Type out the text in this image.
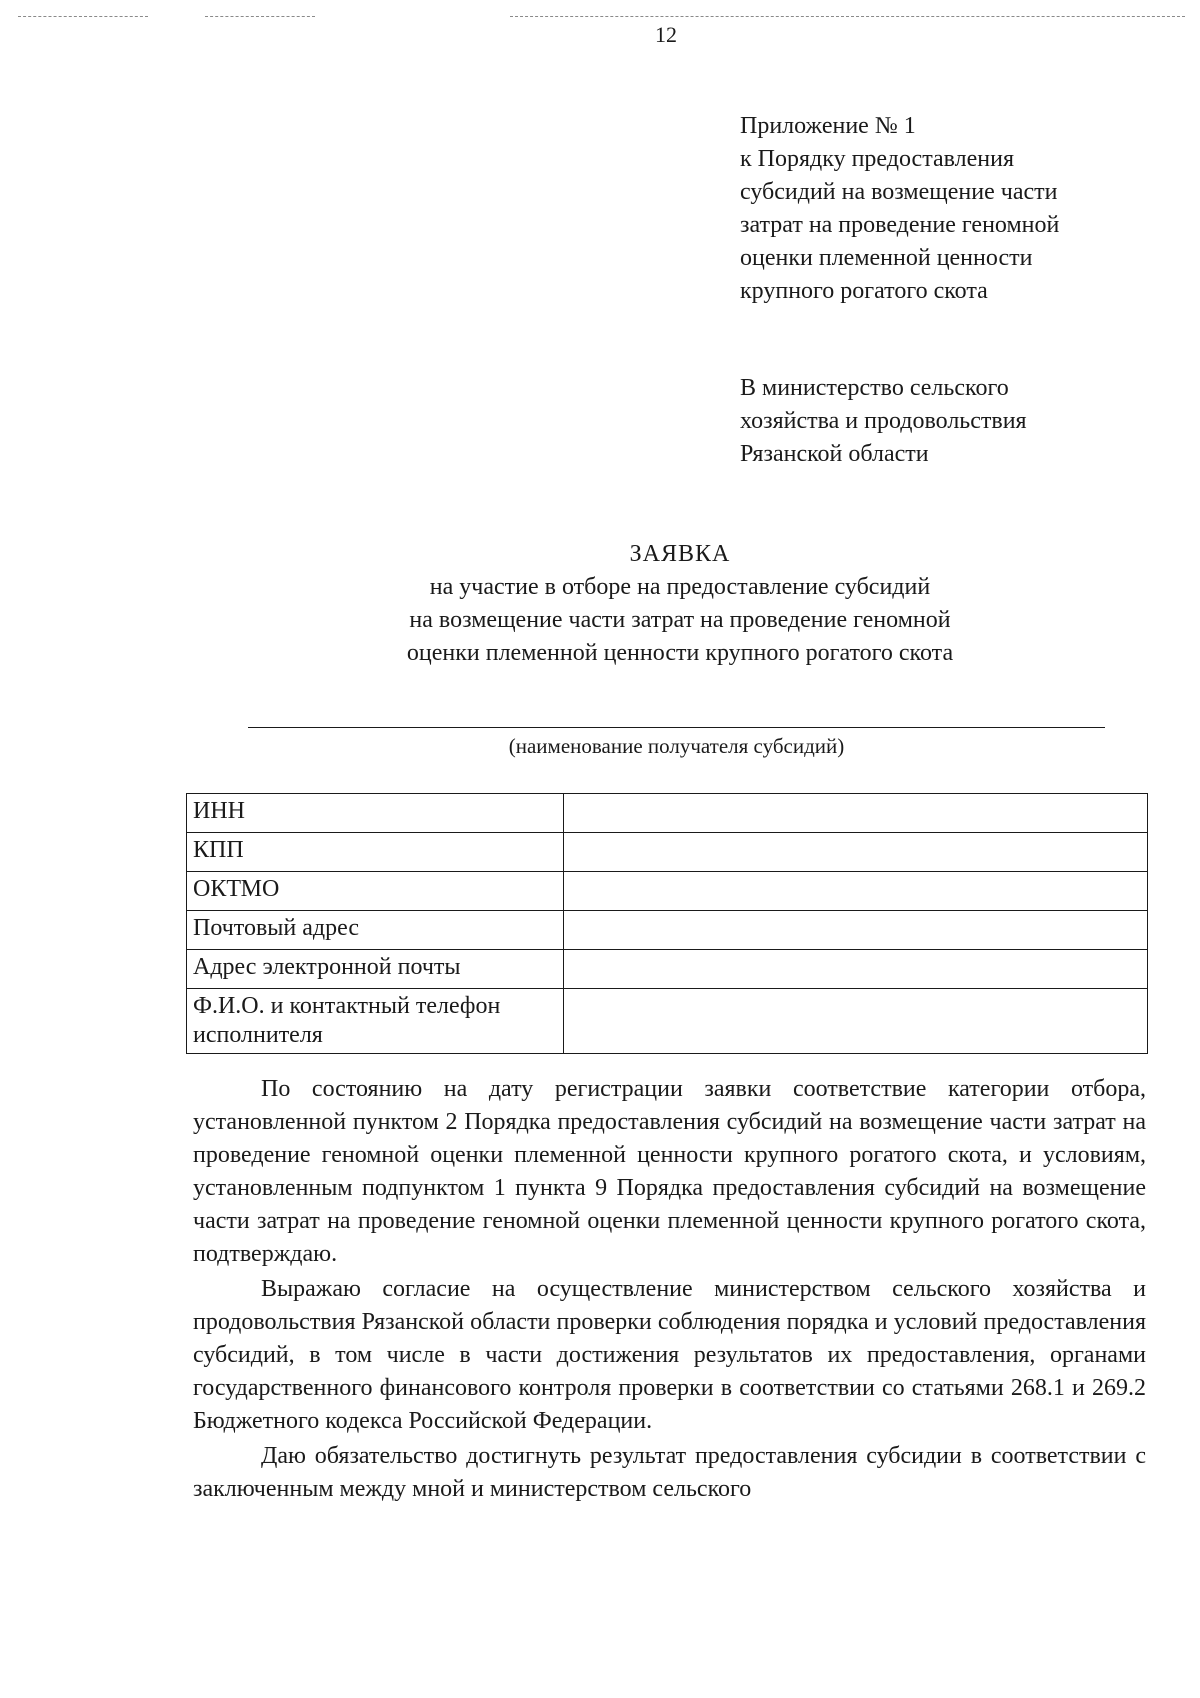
12
Приложение № 1
к Порядку предоставления
субсидий на возмещение части
затрат на проведение геномной
оценки племенной ценности
крупного рогатого скота
В министерство сельского
хозяйства и продовольствия
Рязанской области
ЗАЯВКА
на участие в отборе на предоставление субсидий
на возмещение части затрат на проведение геномной
оценки племенной ценности крупного рогатого скота
(наименование получателя субсидий)
ИНН	
КПП	
ОКТМО	
Почтовый адрес	
Адрес электронной почты	
Ф.И.О. и контактный телефон исполнителя	

По состоянию на дату регистрации заявки соответствие категории отбора, установленной пунктом 2 Порядка предоставления субсидий на возмещение части затрат на проведение геномной оценки племенной ценности крупного рогатого скота, и условиям, установленным подпунктом 1 пункта 9 Порядка предоставления субсидий на возмещение части затрат на проведение геномной оценки племенной ценности крупного рогатого скота, подтверждаю.

Выражаю согласие на осуществление министерством сельского хозяйства и продовольствия Рязанской области проверки соблюдения порядка и условий предоставления субсидий, в том числе в части достижения результатов их предоставления, органами государственного финансового контроля проверки в соответствии со статьями 268.1 и 269.2 Бюджетного кодекса Российской Федерации.

Даю обязательство достигнуть результат предоставления субсидии в соответствии с заключенным между мной и министерством сельского
